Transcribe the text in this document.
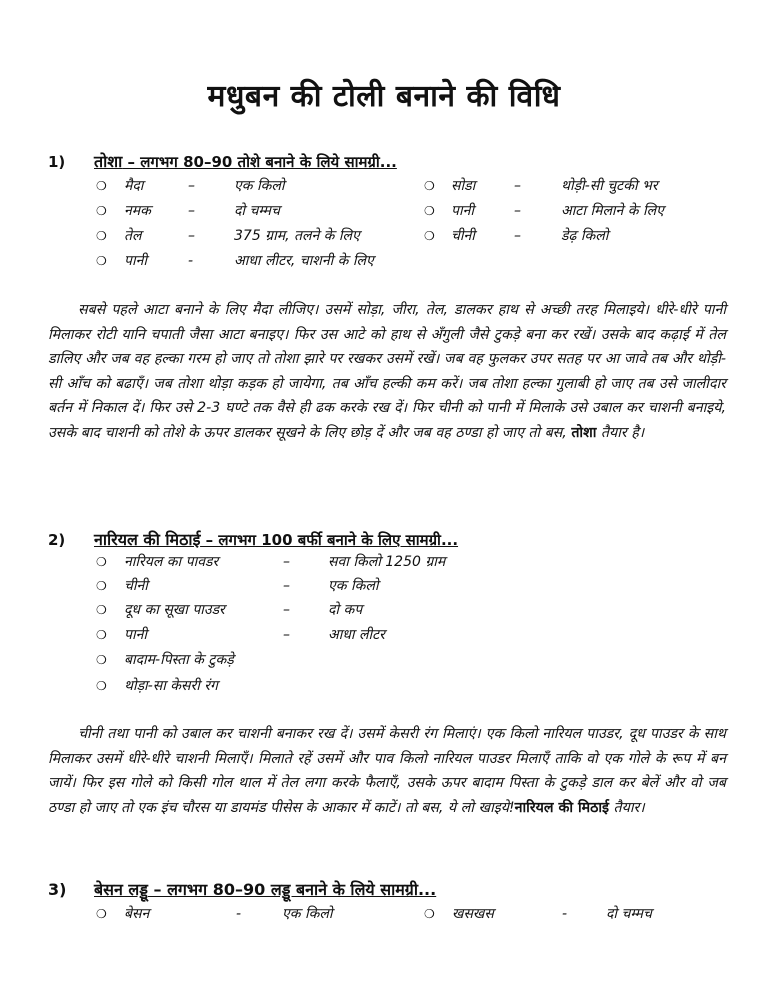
मधुबन की टोली बनाने की विधि
1) तोशा – लगभग 80–90 तोशे बनाने के लिये सामग्री...
❍ मैदा	–	एक किलो	❍ सोडा	–	थोड़ी-सी चुटकी भर
❍ नमक	–	दो चम्मच	❍ पानी	–	आटा मिलाने के लिए
❍ तेल	–	375 ग्राम, तलने के लिए	❍ चीनी	–	डेढ़ किलो
❍ पानी	-	आधा लीटर, चाशनी के लिए
सबसे पहले आटा बनाने के लिए मैदा लीजिए। उसमें सोड़ा, जीरा, तेल, डालकर हाथ से अच्छी तरह मिलाइये। धीरे-धीरे पानी मिलाकर रोटी यानि चपाती जैसा आटा बनाइए। फिर उस आटे को हाथ से अँगुली जैसे टुकड़े बना कर रखें। उसके बाद कढ़ाई में तेल डालिए और जब वह हल्का गरम हो जाए तो तोशा झारे पर रखकर उसमें रखें। जब वह फुलकर उपर सतह पर आ जावे तब और थोड़ी-सी आँच को बढाएँ। जब तोशा थोड़ा कड़क हो जायेगा, तब आँच हल्की कम करें। जब तोशा हल्का गुलाबी हो जाए तब उसे जालीदार बर्तन में निकाल दें। फिर उसे 2-3 घण्टे तक वैसे ही ढक करके रख दें। फिर चीनी को पानी में मिलाके उसे उबाल कर चाशनी बनाइये, उसके बाद चाशनी को तोशे के ऊपर डालकर सूखने के लिए छोड़ दें और जब वह ठण्डा हो जाए तो बस, तोशा तैयार है।
2) नारियल की मिठाई – लगभग 100 बर्फी बनाने के लिए सामग्री...
❍ नारियल का पावडर	–	सवा किलो 1250 ग्राम
❍ चीनी	–	एक किलो
❍ दूध का सूखा पाउडर	–	दो कप
❍ पानी	–	आधा लीटर
❍ बादाम-पिस्ता के टुकड़े
❍ थोड़ा-सा केसरी रंग
चीनी तथा पानी को उबाल कर चाशनी बनाकर रख दें। उसमें केसरी रंग मिलाएं। एक किलो नारियल पाउडर, दूध पाउडर के साथ मिलाकर उसमें धीरे-धीरे चाशनी मिलाएँ। मिलाते रहें उसमें और पाव किलो नारियल पाउडर मिलाएँ ताकि वो एक गोले के रूप में बन जायें। फिर इस गोले को किसी गोल थाल में तेल लगा करके फैलाएँ, उसके ऊपर बादाम पिस्ता के टुकड़े डाल कर बेलें और वो जब ठण्डा हो जाए तो एक इंच चौरस या डायमंड पीसेस के आकार में काटें। तो बस, ये लो खाइये!नारियल की मिठाई तैयार।
3) बेसन लड्डू – लगभग 80–90 लड्डू बनाने के लिये सामग्री...
❍ बेसन	-	एक किलो	❍ खसखस	-	दो चम्मच
